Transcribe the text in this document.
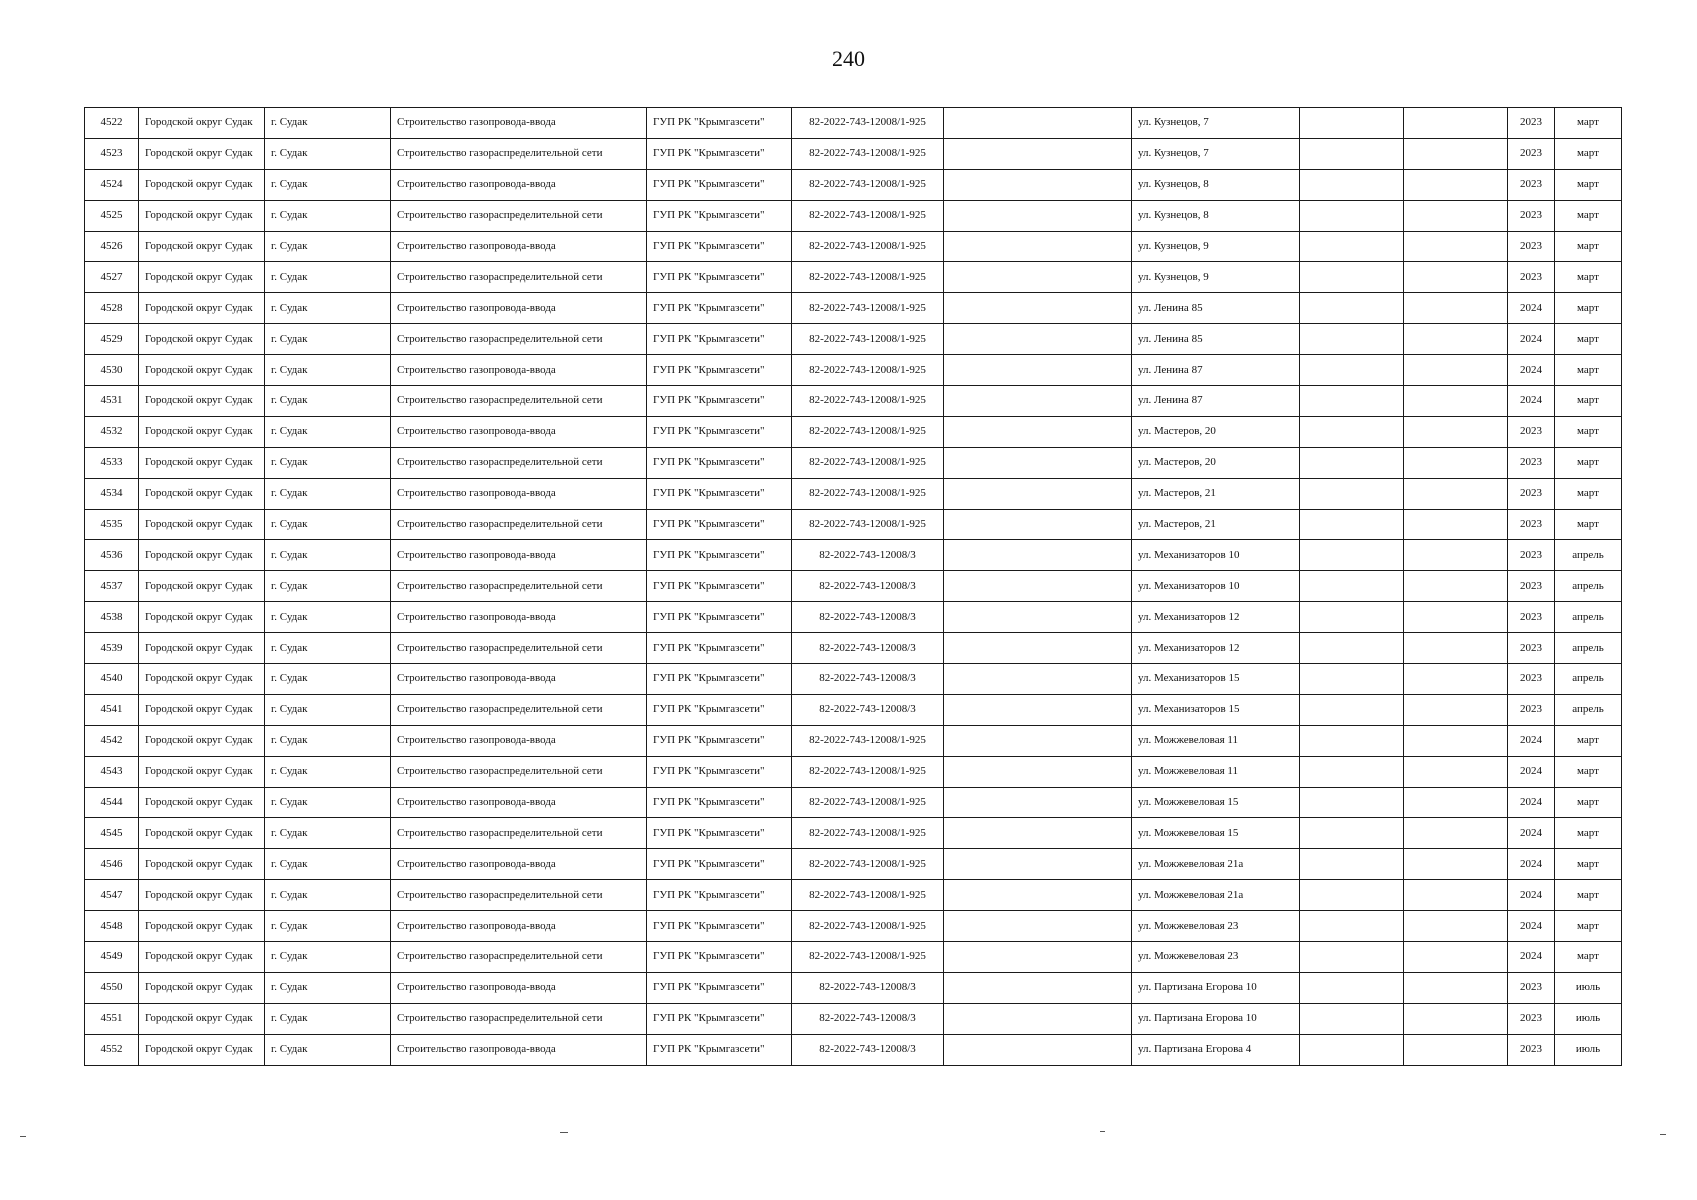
240
4522	Городской округ Судак	г. Судак	Строительство газопровода-ввода	ГУП РК "Крымгазсети"	82-2022-743-12008/1-925		ул. Кузнецов, 7			2023	март
4523	Городской округ Судак	г. Судак	Строительство газораспределительной сети	ГУП РК "Крымгазсети"	82-2022-743-12008/1-925		ул. Кузнецов, 7			2023	март
4524	Городской округ Судак	г. Судак	Строительство газопровода-ввода	ГУП РК "Крымгазсети"	82-2022-743-12008/1-925		ул. Кузнецов, 8			2023	март
4525	Городской округ Судак	г. Судак	Строительство газораспределительной сети	ГУП РК "Крымгазсети"	82-2022-743-12008/1-925		ул. Кузнецов, 8			2023	март
4526	Городской округ Судак	г. Судак	Строительство газопровода-ввода	ГУП РК "Крымгазсети"	82-2022-743-12008/1-925		ул. Кузнецов, 9			2023	март
4527	Городской округ Судак	г. Судак	Строительство газораспределительной сети	ГУП РК "Крымгазсети"	82-2022-743-12008/1-925		ул. Кузнецов, 9			2023	март
4528	Городской округ Судак	г. Судак	Строительство газопровода-ввода	ГУП РК "Крымгазсети"	82-2022-743-12008/1-925		ул. Ленина 85			2024	март
4529	Городской округ Судак	г. Судак	Строительство газораспределительной сети	ГУП РК "Крымгазсети"	82-2022-743-12008/1-925		ул. Ленина 85			2024	март
4530	Городской округ Судак	г. Судак	Строительство газопровода-ввода	ГУП РК "Крымгазсети"	82-2022-743-12008/1-925		ул. Ленина 87			2024	март
4531	Городской округ Судак	г. Судак	Строительство газораспределительной сети	ГУП РК "Крымгазсети"	82-2022-743-12008/1-925		ул. Ленина 87			2024	март
4532	Городской округ Судак	г. Судак	Строительство газопровода-ввода	ГУП РК "Крымгазсети"	82-2022-743-12008/1-925		ул. Мастеров, 20			2023	март
4533	Городской округ Судак	г. Судак	Строительство газораспределительной сети	ГУП РК "Крымгазсети"	82-2022-743-12008/1-925		ул. Мастеров, 20			2023	март
4534	Городской округ Судак	г. Судак	Строительство газопровода-ввода	ГУП РК "Крымгазсети"	82-2022-743-12008/1-925		ул. Мастеров, 21			2023	март
4535	Городской округ Судак	г. Судак	Строительство газораспределительной сети	ГУП РК "Крымгазсети"	82-2022-743-12008/1-925		ул. Мастеров, 21			2023	март
4536	Городской округ Судак	г. Судак	Строительство газопровода-ввода	ГУП РК "Крымгазсети"	82-2022-743-12008/3		ул. Механизаторов 10			2023	апрель
4537	Городской округ Судак	г. Судак	Строительство газораспределительной сети	ГУП РК "Крымгазсети"	82-2022-743-12008/3		ул. Механизаторов 10			2023	апрель
4538	Городской округ Судак	г. Судак	Строительство газопровода-ввода	ГУП РК "Крымгазсети"	82-2022-743-12008/3		ул. Механизаторов 12			2023	апрель
4539	Городской округ Судак	г. Судак	Строительство газораспределительной сети	ГУП РК "Крымгазсети"	82-2022-743-12008/3		ул. Механизаторов 12			2023	апрель
4540	Городской округ Судак	г. Судак	Строительство газопровода-ввода	ГУП РК "Крымгазсети"	82-2022-743-12008/3		ул. Механизаторов 15			2023	апрель
4541	Городской округ Судак	г. Судак	Строительство газораспределительной сети	ГУП РК "Крымгазсети"	82-2022-743-12008/3		ул. Механизаторов 15			2023	апрель
4542	Городской округ Судак	г. Судак	Строительство газопровода-ввода	ГУП РК "Крымгазсети"	82-2022-743-12008/1-925		ул. Можжевеловая 11			2024	март
4543	Городской округ Судак	г. Судак	Строительство газораспределительной сети	ГУП РК "Крымгазсети"	82-2022-743-12008/1-925		ул. Можжевеловая 11			2024	март
4544	Городской округ Судак	г. Судак	Строительство газопровода-ввода	ГУП РК "Крымгазсети"	82-2022-743-12008/1-925		ул. Можжевеловая 15			2024	март
4545	Городской округ Судак	г. Судак	Строительство газораспределительной сети	ГУП РК "Крымгазсети"	82-2022-743-12008/1-925		ул. Можжевеловая 15			2024	март
4546	Городской округ Судак	г. Судак	Строительство газопровода-ввода	ГУП РК "Крымгазсети"	82-2022-743-12008/1-925		ул. Можжевеловая 21а			2024	март
4547	Городской округ Судак	г. Судак	Строительство газораспределительной сети	ГУП РК "Крымгазсети"	82-2022-743-12008/1-925		ул. Можжевеловая 21а			2024	март
4548	Городской округ Судак	г. Судак	Строительство газопровода-ввода	ГУП РК "Крымгазсети"	82-2022-743-12008/1-925		ул. Можжевеловая 23			2024	март
4549	Городской округ Судак	г. Судак	Строительство газораспределительной сети	ГУП РК "Крымгазсети"	82-2022-743-12008/1-925		ул. Можжевеловая 23			2024	март
4550	Городской округ Судак	г. Судак	Строительство газопровода-ввода	ГУП РК "Крымгазсети"	82-2022-743-12008/3		ул. Партизана Егорова 10			2023	июль
4551	Городской округ Судак	г. Судак	Строительство газораспределительной сети	ГУП РК "Крымгазсети"	82-2022-743-12008/3		ул. Партизана Егорова 10			2023	июль
4552	Городской округ Судак	г. Судак	Строительство газопровода-ввода	ГУП РК "Крымгазсети"	82-2022-743-12008/3		ул. Партизана Егорова 4			2023	июль
